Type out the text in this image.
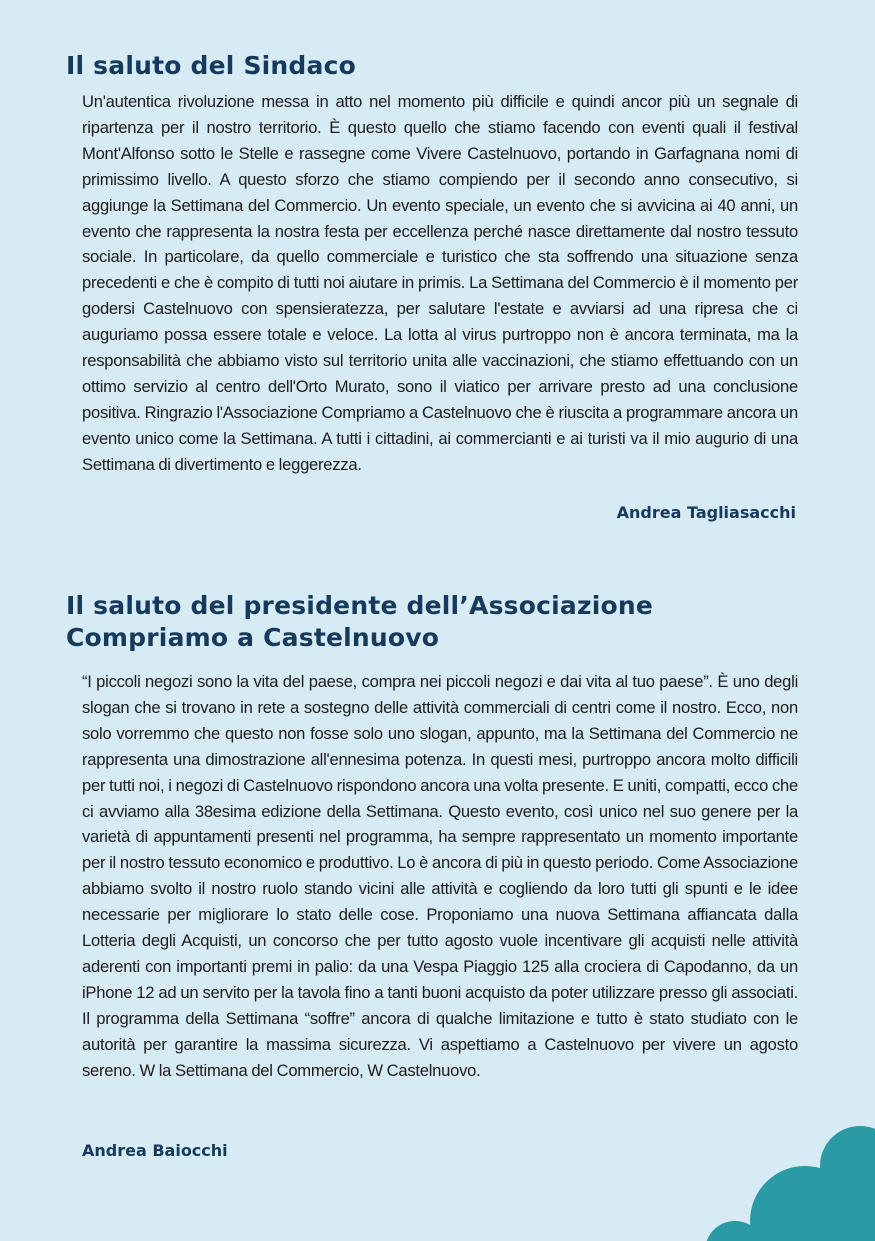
Il saluto del Sindaco

Un'autentica rivoluzione messa in atto nel momento più difficile e quindi ancor più un segnale di ripartenza per il nostro territorio. È questo quello che stiamo facendo con eventi quali il festival Mont'Alfonso sotto le Stelle e rassegne come Vivere Castelnuovo, portando in Garfagnana nomi di primissimo livello. A questo sforzo che stiamo compiendo per il secondo anno consecutivo, si aggiunge la Settimana del Commercio. Un evento speciale, un evento che si avvicina ai 40 anni, un evento che rappresenta la nostra festa per eccellenza perché nasce direttamente dal nostro tessuto sociale. In particolare, da quello commerciale e turistico che sta soffrendo una situazione senza precedenti e che è compito di tutti noi aiutare in primis. La Settimana del Commercio è il momento per godersi Castelnuovo con spensieratezza, per salutare l'estate e avviarsi ad una ripresa che ci auguriamo possa essere totale e veloce. La lotta al virus purtroppo non è ancora terminata, ma la responsabilità che abbiamo visto sul territorio unita alle vaccinazioni, che stiamo effettuando con un ottimo servizio al centro dell'Orto Murato, sono il viatico per arrivare presto ad una conclusione positiva. Ringrazio l'Associazione Compriamo a Castelnuovo che è riuscita a programmare ancora un evento unico come la Settimana. A tutti i cittadini, ai commercianti e ai turisti va il mio augurio di una Settimana di divertimento e leggerezza.

Andrea Tagliasacchi

Il saluto del presidente dell’Associazione Compriamo a Castelnuovo

“I piccoli negozi sono la vita del paese, compra nei piccoli negozi e dai vita al tuo paese”. È uno degli slogan che si trovano in rete a sostegno delle attività commerciali di centri come il nostro. Ecco, non solo vorremmo che questo non fosse solo uno slogan, appunto, ma la Settimana del Commercio ne rappresenta una dimostrazione all'ennesima potenza. In questi mesi, purtroppo ancora molto difficili per tutti noi, i negozi di Castelnuovo rispondono ancora una volta presente. E uniti, compatti, ecco che ci avviamo alla 38esima edizione della Settimana. Questo evento, così unico nel suo genere per la varietà di appuntamenti presenti nel programma, ha sempre rappresentato un momento importante per il nostro tessuto economico e produttivo. Lo è ancora di più in questo periodo. Come Associazione abbiamo svolto il nostro ruolo stando vicini alle attività e cogliendo da loro tutti gli spunti e le idee necessarie per migliorare lo stato delle cose. Proponiamo una nuova Settimana affiancata dalla Lotteria degli Acquisti, un concorso che per tutto agosto vuole incentivare gli acquisti nelle attività aderenti con importanti premi in palio: da una Vespa Piaggio 125 alla crociera di Capodanno, da un iPhone 12 ad un servito per la tavola fino a tanti buoni acquisto da poter utilizzare presso gli associati. Il programma della Settimana “soffre” ancora di qualche limitazione e tutto è stato studiato con le autorità per garantire la massima sicurezza. Vi aspettiamo a Castelnuovo per vivere un agosto sereno. W la Settimana del Commercio, W Castelnuovo.

Andrea Baiocchi
